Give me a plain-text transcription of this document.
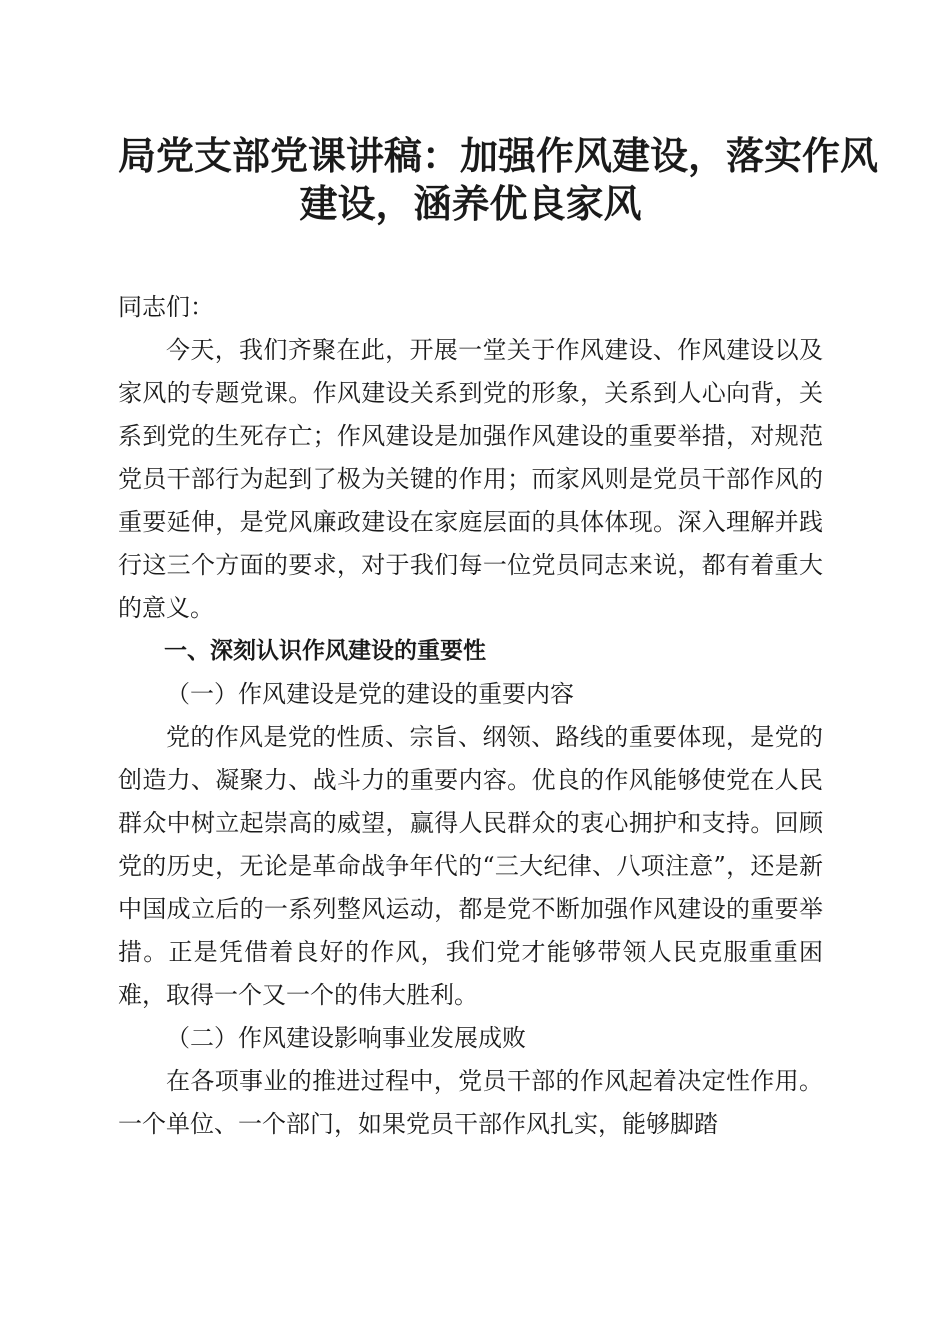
局党支部党课讲稿：加强作风建设，落实作风
建设，涵养优良家风

同志们：

今天，我们齐聚在此，开展一堂关于作风建设、作风建设以及家风的专题党课。作风建设关系到党的形象，关系到人心向背，关系到党的生死存亡；作风建设是加强作风建设的重要举措，对规范党员干部行为起到了极为关键的作用；而家风则是党员干部作风的重要延伸，是党风廉政建设在家庭层面的具体体现。深入理解并践行这三个方面的要求，对于我们每一位党员同志来说，都有着重大的意义。

一、深刻认识作风建设的重要性

（一）作风建设是党的建设的重要内容

党的作风是党的性质、宗旨、纲领、路线的重要体现，是党的创造力、凝聚力、战斗力的重要内容。优良的作风能够使党在人民群众中树立起崇高的威望，赢得人民群众的衷心拥护和支持。回顾党的历史，无论是革命战争年代的“三大纪律、八项注意”，还是新中国成立后的一系列整风运动，都是党不断加强作风建设的重要举措。正是凭借着良好的作风，我们党才能够带领人民克服重重困难，取得一个又一个的伟大胜利。

（二）作风建设影响事业发展成败

在各项事业的推进过程中，党员干部的作风起着决定性作用。一个单位、一个部门，如果党员干部作风扎实，能够脚踏
